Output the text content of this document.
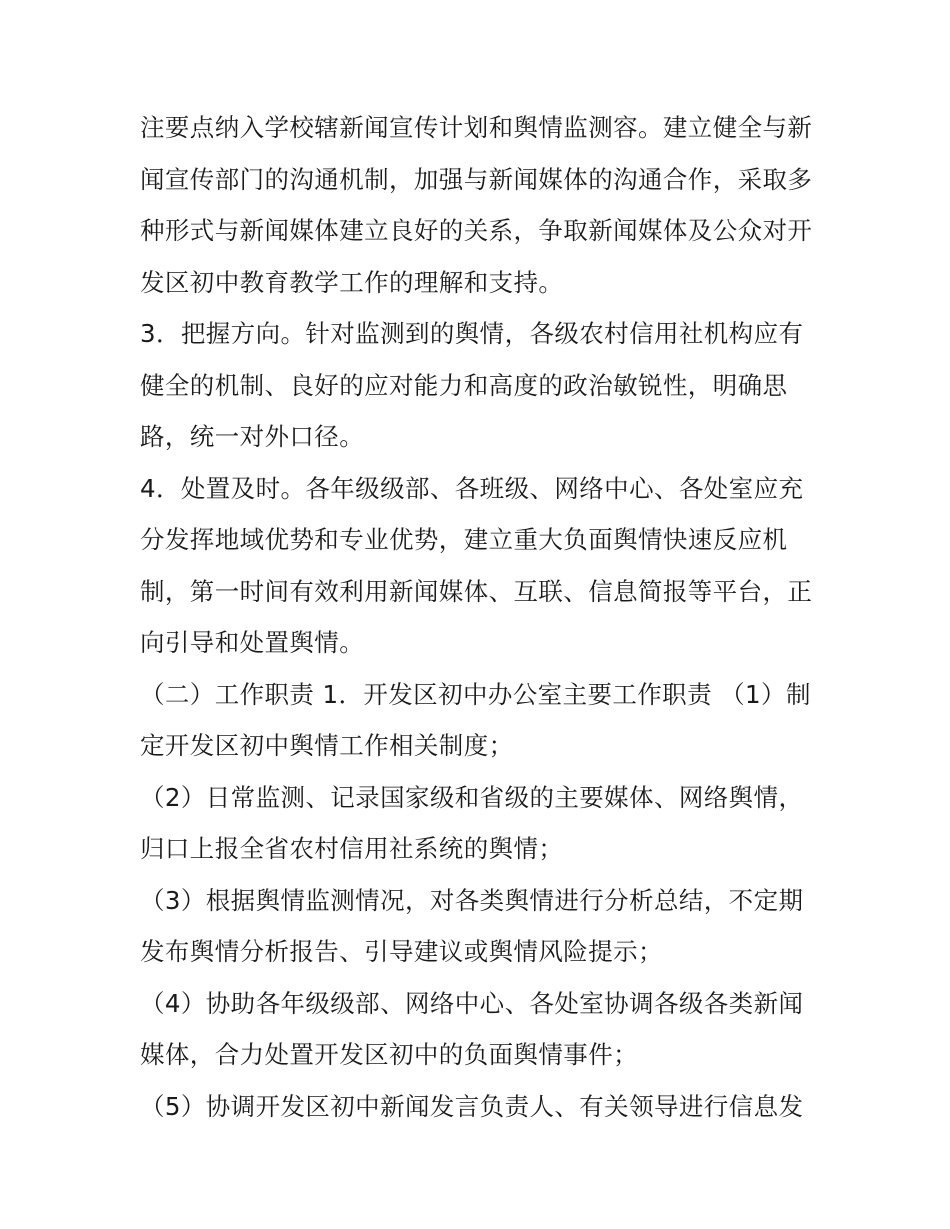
注要点纳入学校辖新闻宣传计划和舆情监测容。建立健全与新
闻宣传部门的沟通机制，加强与新闻媒体的沟通合作，采取多
种形式与新闻媒体建立良好的关系，争取新闻媒体及公众对开
发区初中教育教学工作的理解和支持。
3．把握方向。针对监测到的舆情，各级农村信用社机构应有
健全的机制、良好的应对能力和高度的政治敏锐性，明确思
路，统一对外口径。
4．处置及时。各年级级部、各班级、网络中心、各处室应充
分发挥地域优势和专业优势，建立重大负面舆情快速反应机
制，第一时间有效利用新闻媒体、互联、信息简报等平台，正
向引导和处置舆情。
（二）工作职责 1．开发区初中办公室主要工作职责 （1）制
定开发区初中舆情工作相关制度；
（2）日常监测、记录国家级和省级的主要媒体、网络舆情，
归口上报全省农村信用社系统的舆情；
（3）根据舆情监测情况，对各类舆情进行分析总结，不定期
发布舆情分析报告、引导建议或舆情风险提示；
（4）协助各年级级部、网络中心、各处室协调各级各类新闻
媒体，合力处置开发区初中的负面舆情事件；
（5）协调开发区初中新闻发言负责人、有关领导进行信息发
